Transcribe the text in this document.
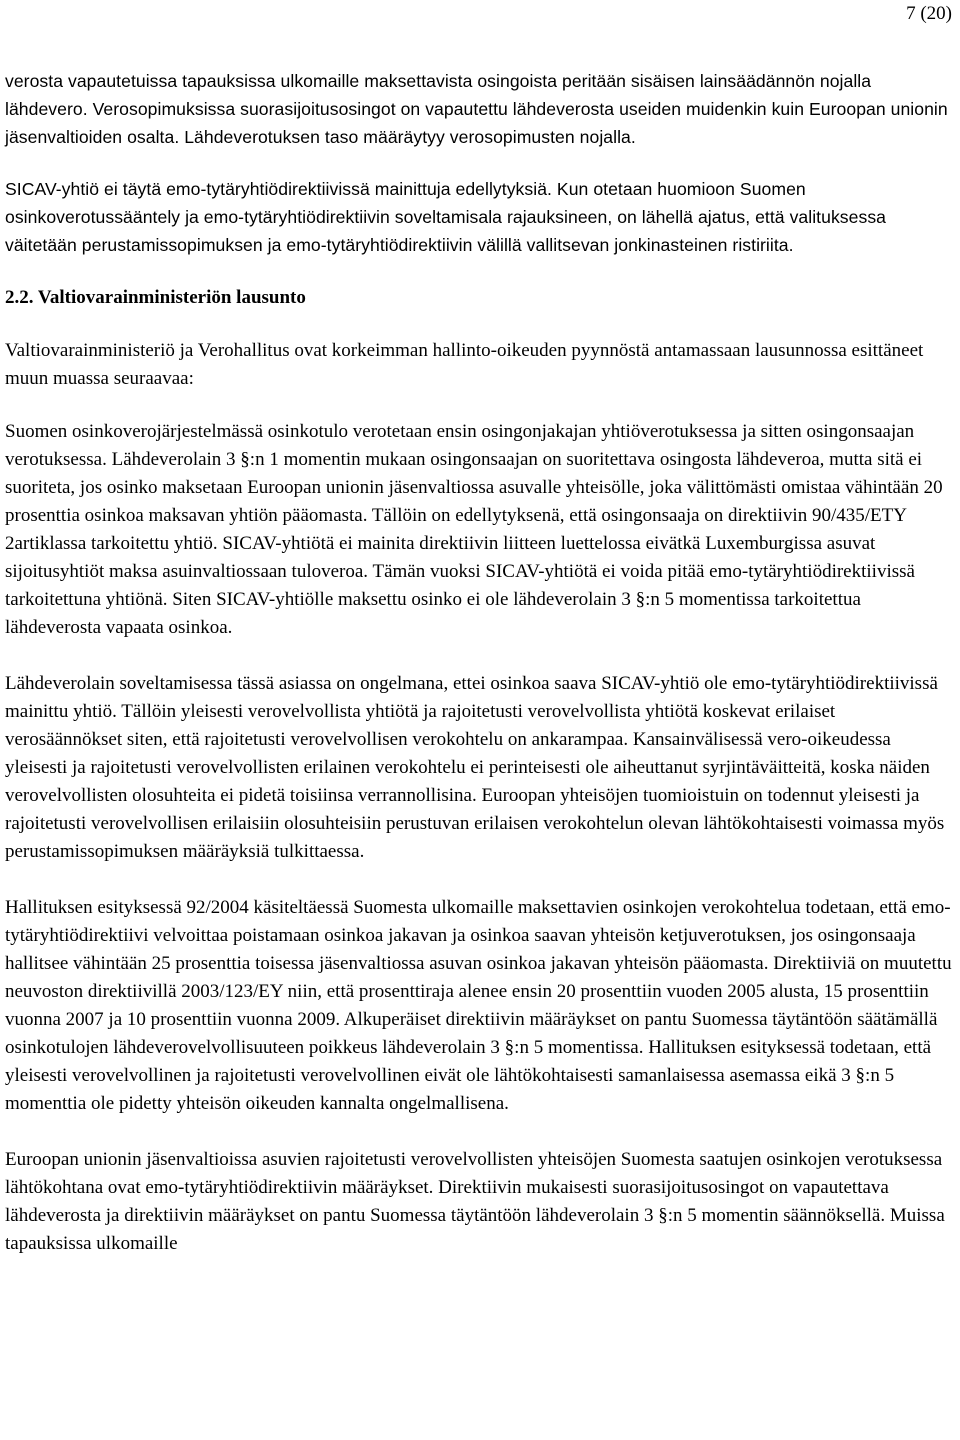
7 (20)

verosta vapautetuissa tapauksissa ulkomaille maksettavista osingoista peritään sisäisen lainsäädännön nojalla lähdevero. Verosopimuksissa suorasijoitusosingot on vapautettu lähdeverosta useiden muidenkin kuin Euroopan unionin jäsenvaltioiden osalta. Lähdeverotuksen taso määräytyy verosopimusten nojalla.

SICAV-yhtiö ei täytä emo-tytäryhtiödirektiivissä mainittuja edellytyksiä. Kun otetaan huomioon Suomen osinkoverotussääntely ja emo-tytäryhtiödirektiivin soveltamisala rajauksineen, on lähellä ajatus, että valituksessa väitetään perustamissopimuksen ja emo-tytäryhtiödirektiivin välillä vallitsevan jonkinasteinen ristiriita.

2.2. Valtiovarainministeriön lausunto

Valtiovarainministeriö ja Verohallitus ovat korkeimman hallinto-oikeuden pyynnöstä antamassaan lausunnossa esittäneet muun muassa seuraavaa:

Suomen osinkoverojärjestelmässä osinkotulo verotetaan ensin osingonjakajan yhtiöverotuksessa ja sitten osingonsaajan verotuksessa. Lähdeverolain 3 §:n 1 momentin mukaan osingonsaajan on suoritettava osingosta lähdeveroa, mutta sitä ei suoriteta, jos osinko maksetaan Euroopan unionin jäsenvaltiossa asuvalle yhteisölle, joka välittömästi omistaa vähintään 20 prosenttia osinkoa maksavan yhtiön pääomasta. Tällöin on edellytyksenä, että osingonsaaja on direktiivin 90/435/ETY 2artiklassa tarkoitettu yhtiö. SICAV-yhtiötä ei mainita direktiivin liitteen luettelossa eivätkä Luxemburgissa asuvat sijoitusyhtiöt maksa asuinvaltiossaan tuloveroa. Tämän vuoksi SICAV-yhtiötä ei voida pitää emo-tytäryhtiödirektiivissä tarkoitettuna yhtiönä. Siten SICAV-yhtiölle maksettu osinko ei ole lähdeverolain 3 §:n 5 momentissa tarkoitettua lähdeverosta vapaata osinkoa.

Lähdeverolain soveltamisessa tässä asiassa on ongelmana, ettei osinkoa saava SICAV-yhtiö ole emo-tytäryhtiödirektiivissä mainittu yhtiö. Tällöin yleisesti verovelvollista yhtiötä ja rajoitetusti verovelvollista yhtiötä koskevat erilaiset verosäännökset siten, että rajoitetusti verovelvollisen verokohtelu on ankarampaa. Kansainvälisessä vero-oikeudessa yleisesti ja rajoitetusti verovelvollisten erilainen verokohtelu ei perinteisesti ole aiheuttanut syrjintäväitteitä, koska näiden verovelvollisten olosuhteita ei pidetä toisiinsa verrannollisina. Euroopan yhteisöjen tuomioistuin on todennut yleisesti ja rajoitetusti verovelvollisen erilaisiin olosuhteisiin perustuvan erilaisen verokohtelun olevan lähtökohtaisesti voimassa myös perustamissopimuksen määräyksiä tulkittaessa.

Hallituksen esityksessä 92/2004 käsiteltäessä Suomesta ulkomaille maksettavien osinkojen verokohtelua todetaan, että emo-tytäryhtiödirektiivi velvoittaa poistamaan osinkoa jakavan ja osinkoa saavan yhteisön ketjuverotuksen, jos osingonsaaja hallitsee vähintään 25 prosenttia toisessa jäsenvaltiossa asuvan osinkoa jakavan yhteisön pääomasta. Direktiiviä on muutettu neuvoston direktiivillä 2003/123/EY niin, että prosenttiraja alenee ensin 20 prosenttiin vuoden 2005 alusta, 15 prosenttiin vuonna 2007 ja 10 prosenttiin vuonna 2009. Alkuperäiset direktiivin määräykset on pantu Suomessa täytäntöön säätämällä osinkotulojen lähdeverovelvollisuuteen poikkeus lähdeverolain 3 §:n 5 momentissa. Hallituksen esityksessä todetaan, että yleisesti verovelvollinen ja rajoitetusti verovelvollinen eivät ole lähtökohtaisesti samanlaisessa asemassa eikä 3 §:n 5 momenttia ole pidetty yhteisön oikeuden kannalta ongelmallisena.

Euroopan unionin jäsenvaltioissa asuvien rajoitetusti verovelvollisten yhteisöjen Suomesta saatujen osinkojen verotuksessa lähtökohtana ovat emo-tytäryhtiödirektiivin määräykset. Direktiivin mukaisesti suorasijoitusosingot on vapautettava lähdeverosta ja direktiivin määräykset on pantu Suomessa täytäntöön lähdeverolain 3 §:n 5 momentin säännöksellä. Muissa tapauksissa ulkomaille
